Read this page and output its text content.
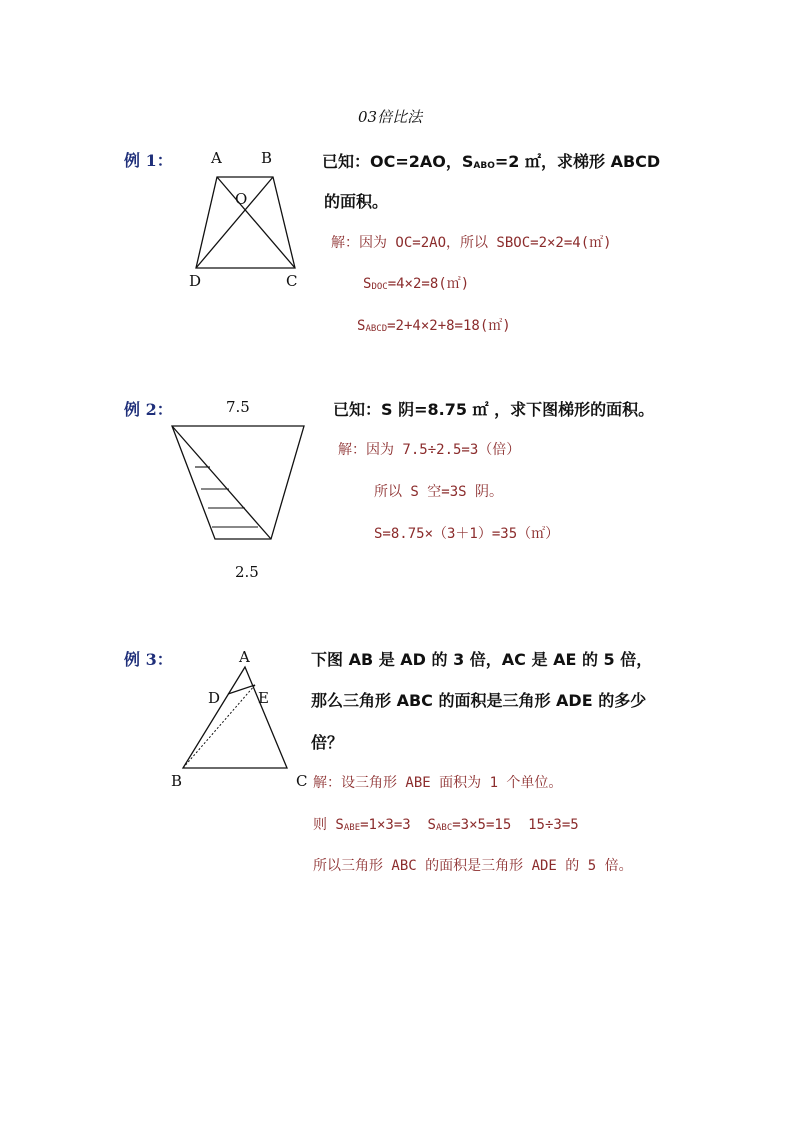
03倍比法
例 1：	A	B
O
D	C
已知：OC=2AO，$S_{ABO}=2$ ㎡，求梯形 ABCD
的面积。
解：因为 OC=2AO，所以 SBOC=2×2=4(㎡)
$S_{DOC}=4\times 2=8(㎡)$
$S_{ABCD}=2+4\times 2+8=18(㎡)$
例 2：	7.5
2.5
已知：S 阴=8.75 ㎡ ，求下图梯形的面积。
解：因为 7.5÷2.5=3（倍）
所以 S 空=3S 阴。
S=8.75×（3＋1）=35（㎡）
例 3：	A
D	E
B	C
下图 AB 是 AD 的 3 倍，AC 是 AE 的 5 倍，
那么三角形 ABC 的面积是三角形 ADE 的多少
倍？
解：设三角形 ABE 面积为 1 个单位。
则 $S_{ABE}=1\times 3=3$  $S_{ABC}=3\times 5=15$  15÷3=5
所以三角形 ABC 的面积是三角形 ADE 的 5 倍。
